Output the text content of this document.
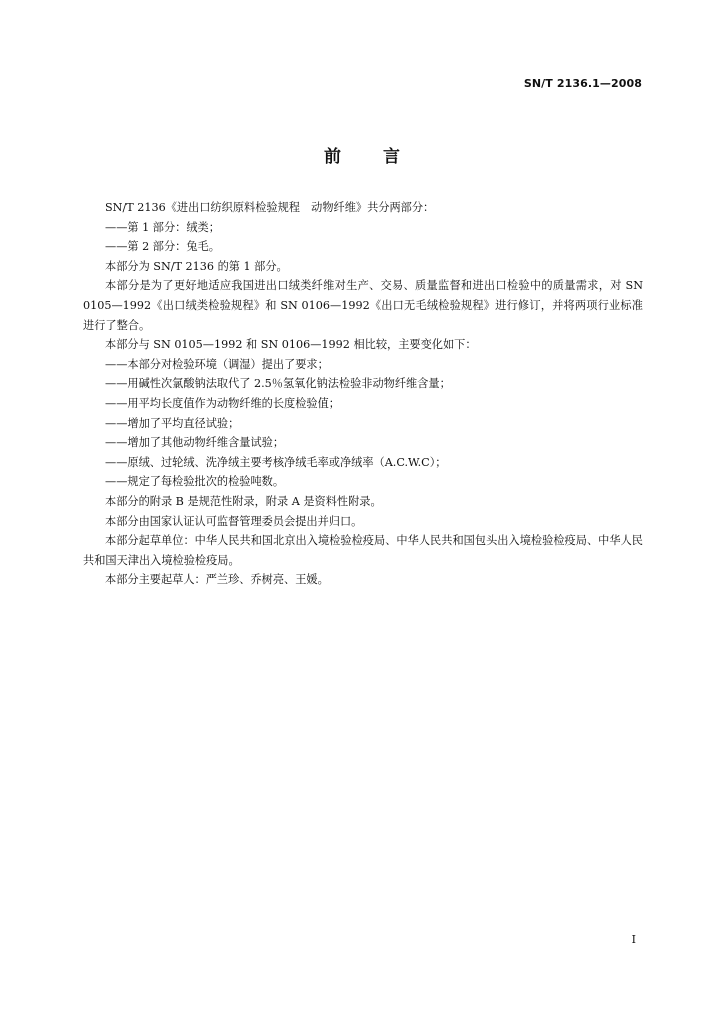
SN/T 2136.1—2008
前 言

SN/T 2136《进出口纺织原料检验规程　动物纤维》共分两部分：

——第 1 部分：绒类；

——第 2 部分：兔毛。

本部分为 SN/T 2136 的第 1 部分。

本部分是为了更好地适应我国进出口绒类纤维对生产、交易、质量监督和进出口检验中的质量需求，对 SN 0105—1992《出口绒类检验规程》和 SN 0106—1992《出口无毛绒检验规程》进行修订，并将两项行业标准进行了整合。

本部分与 SN 0105—1992 和 SN 0106—1992 相比较，主要变化如下：

——本部分对检验环境（调湿）提出了要求；

——用碱性次氯酸钠法取代了 2.5％氢氧化钠法检验非动物纤维含量；

——用平均长度值作为动物纤维的长度检验值；

——增加了平均直径试验；

——增加了其他动物纤维含量试验；

——原绒、过轮绒、洗净绒主要考核净绒毛率或净绒率（A.C.W.C）；

——规定了每检验批次的检验吨数。

本部分的附录 B 是规范性附录，附录 A 是资料性附录。

本部分由国家认证认可监督管理委员会提出并归口。

本部分起草单位：中华人民共和国北京出入境检验检疫局、中华人民共和国包头出入境检验检疫局、中华人民共和国天津出入境检验检疫局。

本部分主要起草人：严兰珍、乔树亮、王媛。

I
